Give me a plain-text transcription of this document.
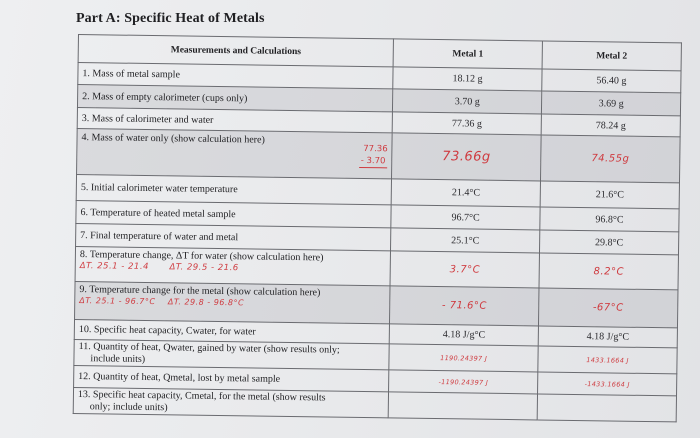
Part A: Specific Heat of Metals
Measurements and Calculations	Metal 1	Metal 2
1. Mass of metal sample	18.12 g	56.40 g
2. Mass of empty calorimeter (cups only)	3.70 g	3.69 g
3. Mass of calorimeter and water	77.36 g	78.24 g
4. Mass of water only (show calculation here)
77.36
- 3.70	73.66g	74.55g
5. Initial calorimeter water temperature	21.4°C	21.6°C
6. Temperature of heated metal sample	96.7°C	96.8°C
7. Final temperature of water and metal	25.1°C	29.8°C
8. Temperature change, ΔT for water (show calculation here)
ΔT. 25.1 - 21.4 ΔT. 29.5 - 21.6	3.7°C	8.2°C
9. Temperature change for the metal (show calculation here)
ΔT. 25.1 - 96.7°C ΔT. 29.8 - 96.8°C	- 71.6°C	-67°C
10. Specific heat capacity, Cwater, for water	4.18 J/g°C	4.18 J/g°C
11. Quantity of heat, Qwater, gained by water (show results only;
include units)	1190.24397 J	1433.1664 J
12. Quantity of heat, Qmetal, lost by metal sample	-1190.24397 J	-1433.1664 J
13. Specific heat capacity, Cmetal, for the metal (show results
only; include units)		
